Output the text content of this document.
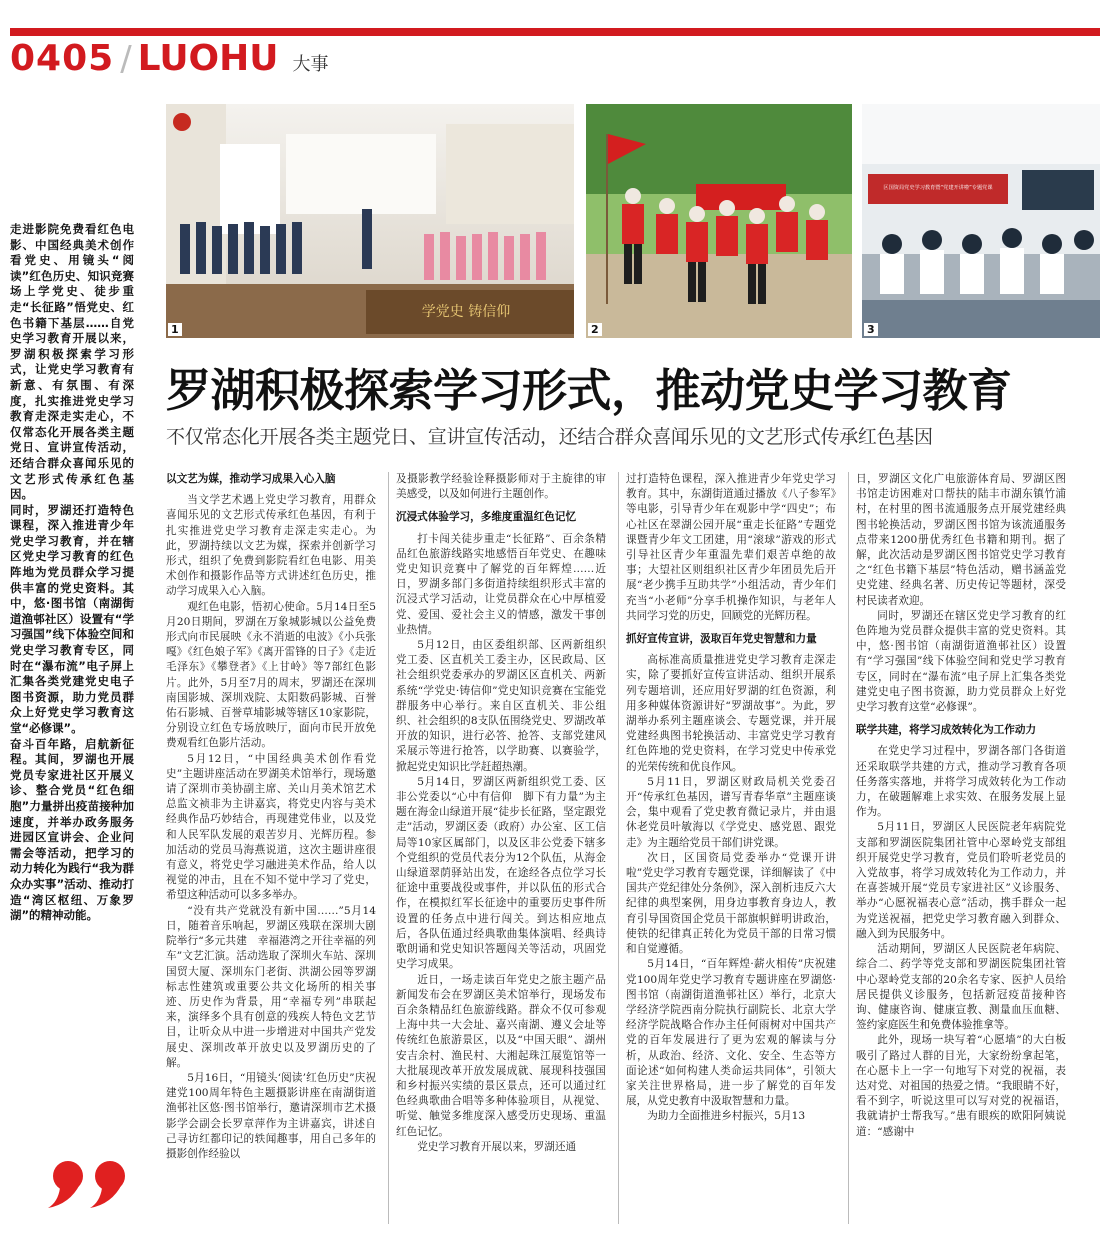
0405 / LUOHU 大事

走进影院免费看红色电影、中国经典美术创作看党史、用镜头“阅读”红色历史、知识竞赛场上学党史、徒步重走“长征路”悟党史、红色书籍下基层……自党史学习教育开展以来，罗湖积极探索学习形式，让党史学习教育有新意、有氛围、有深度，扎实推进党史学习教育走深走实走心，不仅常态化开展各类主题党日、宣讲宣传活动，还结合群众喜闻乐见的文艺形式传承红色基因。

同时，罗湖还打造特色课程，深入推进青少年党史学习教育，并在辖区党史学习教育的红色阵地为党员群众学习提供丰富的党史资料。其中，悠·图书馆（南湖街道渔邨社区）设置有“学习强国”线下体验空间和党史学习教育专区，同时在“瀑布流”电子屏上汇集各类党建党史电子图书资源，助力党员群众上好党史学习教育这堂“必修课”。

奋斗百年路，启航新征程。其间，罗湖也开展党员专家进社区开展义诊、整合党员“红色细胞”力量拼出疫苗接种加速度，并举办政务服务进园区宣讲会、企业问需会等活动，把学习的动力转化为践行“我为群众办实事”活动、推动打造“湾区枢纽、万象罗湖”的精神动能。

学党史 铸信仰
1	2
区国资局党史学习教育暨“党建开讲啦”专题党课
3
罗湖积极探索学习形式，推动党史学习教育
不仅常态化开展各类主题党日、宣讲宣传活动，还结合群众喜闻乐见的文艺形式传承红色基因
以文艺为媒，推动学习成果入心入脑

当文学艺术遇上党史学习教育，用群众喜闻乐见的文艺形式传承红色基因，有利于扎实推进党史学习教育走深走实走心。为此，罗湖持续以文艺为媒，探索并创新学习形式，组织了免费到影院看红色电影、用美术创作和摄影作品等方式讲述红色历史，推动学习成果入心入脑。

观红色电影，悟初心使命。5月14日至5月20日期间，罗湖在万象城影城以公益免费形式向市民展映《永不消逝的电波》《小兵张嘎》《红色娘子军》《离开雷锋的日子》《走近毛泽东》《攀登者》《上甘岭》等7部红色影片。此外，5月至7月的周末，罗湖还在深圳南国影城、深圳戏院、太阳数码影城、百誉佑石影城、百誉草埔影城等辖区10家影院，分别设立红色专场放映厅，面向市民开放免费观看红色影片活动。

5月12日，“中国经典美术创作看党史”主题讲座活动在罗湖美术馆举行，现场邀请了深圳市美协副主席、关山月美术馆艺术总监文祯非为主讲嘉宾，将党史内容与美术经典作品巧妙结合，再现建党伟业，以及党和人民军队发展的艰苦岁月、光辉历程。参加活动的党员马海燕说道，这次主题讲座很有意义，将党史学习融进美术作品，给人以视觉的冲击，且在不知不觉中学习了党史，希望这种活动可以多多举办。

“没有共产党就没有新中国……”5月14日，随着音乐响起，罗湖区残联在深圳大剧院举行“多元共建　幸福港湾之开往幸福的列车”文艺汇演。活动选取了深圳火车站、深圳国贸大厦、深圳东门老街、洪湖公园等罗湖标志性建筑或重要公共文化场所的相关事迹、历史作为背景，用“幸福专列”串联起来，演绎多个具有创意的残疾人特色文艺节目，让听众从中进一步增进对中国共产党发展史、深圳改革开放史以及罗湖历史的了解。

5月16日，“用镜头‘阅读’红色历史”庆祝建党100周年特色主题摄影讲座在南湖街道渔邨社区悠·图书馆举行，邀请深圳市艺术摄影学会副会长罗章萍作为主讲嘉宾，讲述自己寻访红都印记的轶闻趣事，用自己多年的摄影创作经验以

及摄影教学经验诠释摄影师对于主旋律的审美感受，以及如何进行主题创作。

沉浸式体验学习，多维度重温红色记忆

打卡闯关徒步重走“长征路”、百余条精品红色旅游线路实地感悟百年党史、在趣味党史知识竞赛中了解党的百年辉煌……近日，罗湖多部门多街道持续组织形式丰富的沉浸式学习活动，让党员群众在心中厚植爱党、爱国、爱社会主义的情感，激发干事创业热情。

5月12日，由区委组织部、区两新组织党工委、区直机关工委主办，区民政局、区社会组织党委承办的罗湖区区直机关、两新系统“学党史·铸信仰”党史知识竞赛在宝能党群服务中心举行。来自区直机关、非公组织、社会组织的8支队伍围绕党史、罗湖改革开放的知识，进行必答、抢答、支部党建风采展示等进行抢答，以学助赛、以赛验学，掀起党史知识比学赶超热潮。

5月14日，罗湖区两新组织党工委、区非公党委以“心中有信仰　脚下有力量”为主题在海金山绿道开展“徒步长征路，坚定跟党走”活动，罗湖区委（政府）办公室、区工信局等10家区属部门，以及区非公党委下辖多个党组织的党员代表分为12个队伍，从海金山绿道翠荫驿站出发，在途经各点位学习长征途中重要战役或事件，并以队伍的形式合作，在模拟红军长征途中的重要历史事件所设置的任务点中进行闯关。到达相应地点后，各队伍通过经典歌曲集体演唱、经典诗歌朗诵和党史知识答题闯关等活动，巩固党史学习成果。

近日，一场走读百年党史之旅主题产品新闻发布会在罗湖区美术馆举行，现场发布百余条精品红色旅游线路。群众不仅可参观上海中共一大会址、嘉兴南湖、遵义会址等传统红色旅游景区，以及“中国天眼”、湖州安吉余村、渔民村、大湘起珠江展览馆等一大批展现改革开放发展成就、展现科技强国和乡村振兴实绩的景区景点，还可以通过红色经典歌曲合唱等多种体验项目，从视觉、听觉、触觉多维度深入感受历史现场、重温红色记忆。

党史学习教育开展以来，罗湖还通

过打造特色课程，深入推进青少年党史学习教育。其中，东湖街道通过播放《八子参军》等电影，引导青少年在观影中学“四史”；布心社区在翠湖公园开展“重走长征路”专题党课暨青少年文工团建，用“滚球”游戏的形式引导社区青少年重温先辈们艰苦卓绝的故事；大望社区则组织社区青少年团员先后开展“老少携手互助共学”小组活动，青少年们充当“小老师”分享手机操作知识，与老年人共同学习党的历史，回顾党的光辉历程。

抓好宣传宣讲，汲取百年党史智慧和力量

高标准高质量推进党史学习教育走深走实，除了要抓好宣传宣讲活动、组织开展系列专题培训，还应用好罗湖的红色资源，利用多种媒体资源讲好“罗湖故事”。为此，罗湖举办系列主题座谈会、专题党课，并开展党建经典图书轮换活动、丰富党史学习教育红色阵地的党史资料，在学习党史中传承党的光荣传统和优良作风。

5月11日，罗湖区财政局机关党委召开“传承红色基因，谱写青春华章”主题座谈会，集中观看了党史教育微记录片，并由退休老党员叶敏海以《学党史、感党恩、跟党走》为主题给党员干部们讲党课。

次日，区国资局党委举办“党课开讲啦”党史学习教育专题党课，详细解读了《中国共产党纪律处分条例》，深入剖析违反六大纪律的典型案例，用身边事教育身边人，教育引导国资国企党员干部旗帜鲜明讲政治，使铁的纪律真正转化为党员干部的日常习惯和自觉遵循。

5月14日，“百年辉煌·薪火相传”庆祝建党100周年党史学习教育专题讲座在罗湖悠·图书馆（南湖街道渔邨社区）举行，北京大学经济学院西南分院执行副院长、北京大学经济学院战略合作办主任何雨树对中国共产党的百年发展进行了更为宏观的解读与分析，从政治、经济、文化、安全、生态等方面论述“如何构建人类命运共同体”，引领大家关注世界格局，进一步了解党的百年发展，从党史教育中汲取智慧和力量。

为助力全面推进乡村振兴，5月13

日，罗湖区文化广电旅游体育局、罗湖区图书馆走访困难对口帮扶的陆丰市湖东镇竹浦村，在村里的图书流通服务点开展党建经典图书轮换活动，罗湖区图书馆为该流通服务点带来1200册优秀红色书籍和期刊。据了解，此次活动是罗湖区图书馆党史学习教育之“红色书籍下基层”特色活动，赠书涵盖党史党建、经典名著、历史传记等题材，深受村民读者欢迎。

同时，罗湖还在辖区党史学习教育的红色阵地为党员群众提供丰富的党史资料。其中，悠·图书馆（南湖街道渔邨社区）设置有“学习强国”线下体验空间和党史学习教育专区，同时在“瀑布流”电子屏上汇集各类党建党史电子图书资源，助力党员群众上好党史学习教育这堂“必修课”。

联学共建，将学习成效转化为工作动力

在党史学习过程中，罗湖各部门各街道还采取联学共建的方式，推动学习教育各项任务落实落地，并将学习成效转化为工作动力，在破题解难上求实效、在服务发展上显作为。

5月11日，罗湖区人民医院老年病院党支部和罗湖医院集团社管中心翠岭党支部组织开展党史学习教育，党员们聆听老党员的入党故事，将学习成效转化为工作动力，并在喜荟城开展“党员专家进社区”义诊服务、举办“心愿祝福表心意”活动，携手群众一起为党送祝福，把党史学习教育融入到群众、融入到为民服务中。

活动期间，罗湖区人民医院老年病院、综合二、药学等党支部和罗湖医院集团社管中心翠岭党支部的20余名专家、医护人员给居民提供义诊服务，包括新冠疫苗接种咨询、健康咨询、健康宣教、测量血压血糖、签约家庭医生和免费体验推拿等。

此外，现场一块写着“心愿墙”的大白板吸引了路过人群的目光，大家纷纷拿起笔，在心愿卡上一字一句地写下对党的祝福，表达对党、对祖国的热爱之情。“我眼睛不好，看不到字，听说这里可以写对党的祝福语，我就请护士帮我写。”患有眼疾的欧阳阿姨说道：“感谢中
